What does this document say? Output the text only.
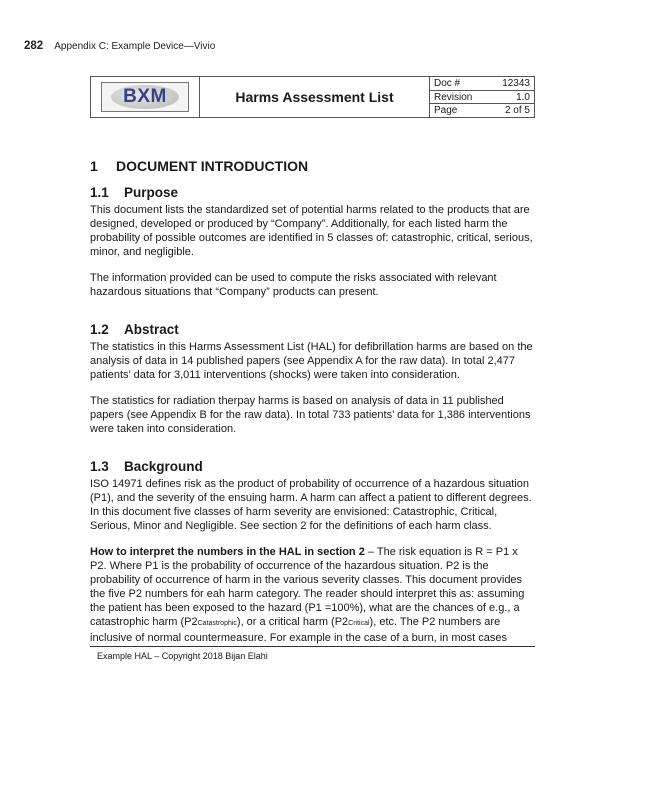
282 Appendix C: Example Device—Vivio
BXM	Harms Assessment List
Doc #	12343
Revision	1.0
Page	2 of 5
1 DOCUMENT INTRODUCTION
1.1 Purpose

This document lists the standardized set of potential harms related to the products that are designed, developed or produced by “Company”. Additionally, for each listed harm the probability of possible outcomes are identified in 5 classes of: catastrophic, critical, serious, minor, and negligible.

The information provided can be used to compute the risks associated with relevant hazardous situations that “Company” products can present.

1.2 Abstract

The statistics in this Harms Assessment List (HAL) for defibrillation harms are based on the analysis of data in 14 published papers (see Appendix A for the raw data). In total 2,477 patients’ data for 3,011 interventions (shocks) were taken into consideration.

The statistics for radiation therpay harms is based on analysis of data in 11 published papers (see Appendix B for the raw data). In total 733 patients’ data for 1,386 interventions were taken into consideration.

1.3 Background

ISO 14971 defines risk as the product of probability of occurrence of a hazardous situation (P1), and the severity of the ensuing harm. A harm can affect a patient to different degrees. In this document five classes of harm severity are envisioned: Catastrophic, Critical, Serious, Minor and Negligible. See section 2 for the definitions of each harm class.

How to interpret the numbers in the HAL in section 2 – The risk equation is R = P1 x P2. Where P1 is the probability of occurrence of the hazardous situation. P2 is the probability of occurrence of harm in the various severity classes. This document provides the five P2 numbers for eah harm category. The reader should interpret this as: assuming the patient has been exposed to the hazard (P1 =100%), what are the chances of e.g., a catastrophic harm (P2Catastrophic), or a critical harm (P2Critical), etc. The P2 numbers are inclusive of normal countermeasure. For example in the case of a burn, in most cases

Example HAL – Copyright 2018 Bijan Elahi
